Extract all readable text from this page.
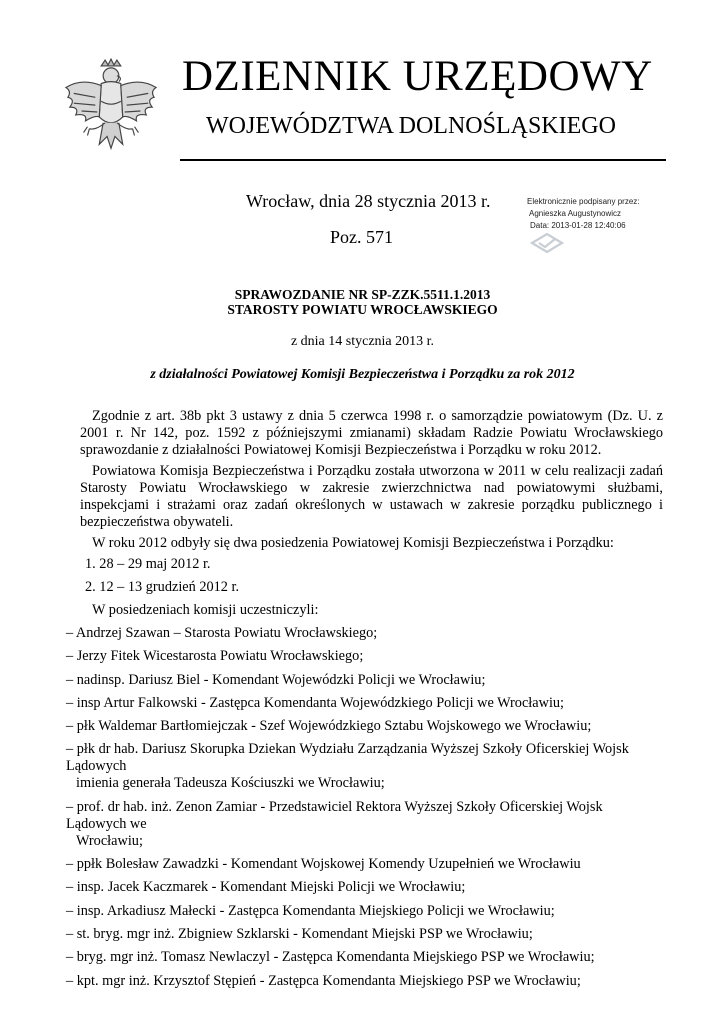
DZIENNIK URZĘDOWY
WOJEWÓDZTWA DOLNOŚLĄSKIEGO
Wrocław, dnia 28 stycznia 2013 r.
Poz. 571
Elektronicznie podpisany przez:
Agnieszka Augustynowicz
Data: 2013-01-28 12:40:06
SPRAWOZDANIE NR SP-ZZK.5511.1.2013
STAROSTY POWIATU WROCŁAWSKIEGO
z dnia 14 stycznia 2013 r.
z działalności Powiatowej Komisji Bezpieczeństwa i Porządku za rok 2012

Zgodnie z art. 38b pkt 3 ustawy z dnia 5 czerwca 1998 r. o samorządzie powiatowym (Dz. U. z 2001 r. Nr 142, poz. 1592 z późniejszymi zmianami) składam Radzie Powiatu Wrocławskiego sprawozdanie z działalności Powiatowej Komisji Bezpieczeństwa i Porządku w roku 2012.

Powiatowa Komisja Bezpieczeństwa i Porządku została utworzona w 2011 w celu realizacji zadań Starosty Powiatu Wrocławskiego w zakresie zwierzchnictwa nad powiatowymi służbami, inspekcjami i strażami oraz zadań określonych w ustawach w zakresie porządku publicznego i bezpieczeństwa obywateli.

W roku 2012 odbyły się dwa posiedzenia Powiatowej Komisji Bezpieczeństwa i Porządku:

1. 28 – 29 maj 2012 r.
2. 12 – 13 grudzień 2012 r.
W posiedzeniach komisji uczestniczyli:
– Andrzej Szawan – Starosta Powiatu Wrocławskiego;
– Jerzy Fitek Wicestarosta Powiatu Wrocławskiego;
– nadinsp. Dariusz Biel - Komendant Wojewódzki Policji we Wrocławiu;
– insp Artur Falkowski - Zastępca Komendanta Wojewódzkiego Policji we Wrocławiu;
– płk Waldemar Bartłomiejczak - Szef Wojewódzkiego Sztabu Wojskowego we Wrocławiu;
– płk dr hab. Dariusz Skorupka Dziekan Wydziału Zarządzania Wyższej Szkoły Oficerskiej Wojsk Lądowych
imienia generała Tadeusza Kościuszki we Wrocławiu;
– prof. dr hab. inż. Zenon Zamiar - Przedstawiciel Rektora Wyższej Szkoły Oficerskiej Wojsk Lądowych we
Wrocławiu;
– ppłk Bolesław Zawadzki - Komendant Wojskowej Komendy Uzupełnień we Wrocławiu
– insp. Jacek Kaczmarek - Komendant Miejski Policji we Wrocławiu;
– insp. Arkadiusz Małecki - Zastępca Komendanta Miejskiego Policji we Wrocławiu;
– st. bryg. mgr inż. Zbigniew Szklarski - Komendant Miejski PSP we Wrocławiu;
– bryg. mgr inż. Tomasz Newlaczyl - Zastępca Komendanta Miejskiego PSP we Wrocławiu;
– kpt. mgr inż. Krzysztof Stępień - Zastępca Komendanta Miejskiego PSP we Wrocławiu;
